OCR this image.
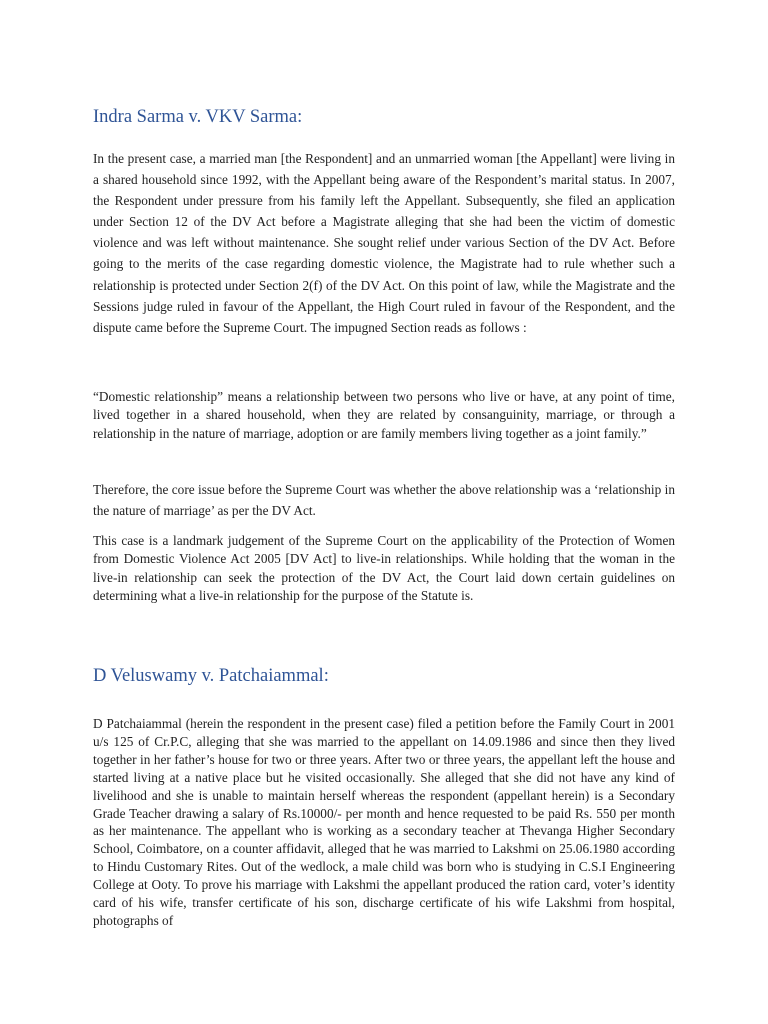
Indra Sarma v. VKV Sarma:

In the present case, a married man [the Respondent] and an unmarried woman [the Appellant] were living in a shared household since 1992, with the Appellant being aware of the Respondent’s marital status. In 2007, the Respondent under pressure from his family left the Appellant. Subsequently, she filed an application under Section 12 of the DV Act before a Magistrate alleging that she had been the victim of domestic violence and was left without maintenance. She sought relief under various Section of the DV Act. Before going to the merits of the case regarding domestic violence, the Magistrate had to rule whether such a relationship is protected under Section 2(f) of the DV Act. On this point of law, while the Magistrate and the Sessions judge ruled in favour of the Appellant, the High Court ruled in favour of the Respondent, and the dispute came before the Supreme Court. The impugned Section reads as follows :

“Domestic relationship” means a relationship between two persons who live or have, at any point of time, lived together in a shared household, when they are related by consanguinity, marriage, or through a relationship in the nature of marriage, adoption or are family members living together as a joint family.”

Therefore, the core issue before the Supreme Court was whether the above relationship was a ‘relationship in the nature of marriage’ as per the DV Act.

This case is a landmark judgement of the Supreme Court on the applicability of the Protection of Women from Domestic Violence Act 2005 [DV Act] to live-in relationships. While holding that the woman in the live-in relationship can seek the protection of the DV Act, the Court laid down certain guidelines on determining what a live-in relationship for the purpose of the Statute is.

D Veluswamy v. Patchaiammal:

D Patchaiammal (herein the respondent in the present case) filed a petition before the Family Court in 2001 u/s 125 of Cr.P.C, alleging that she was married to the appellant on 14.09.1986 and since then they lived together in her father’s house for two or three years. After two or three years, the appellant left the house and started living at a native place but he visited occasionally. She alleged that she did not have any kind of livelihood and she is unable to maintain herself whereas the respondent (appellant herein) is a Secondary Grade Teacher drawing a salary of Rs.10000/- per month and hence requested to be paid Rs. 550 per month as her maintenance. The appellant who is working as a secondary teacher at Thevanga Higher Secondary School, Coimbatore, on a counter affidavit, alleged that he was married to Lakshmi on 25.06.1980 according to Hindu Customary Rites. Out of the wedlock, a male child was born who is studying in C.S.I Engineering College at Ooty. To prove his marriage with Lakshmi the appellant produced the ration card, voter’s identity card of his wife, transfer certificate of his son, discharge certificate of his wife Lakshmi from hospital, photographs of
